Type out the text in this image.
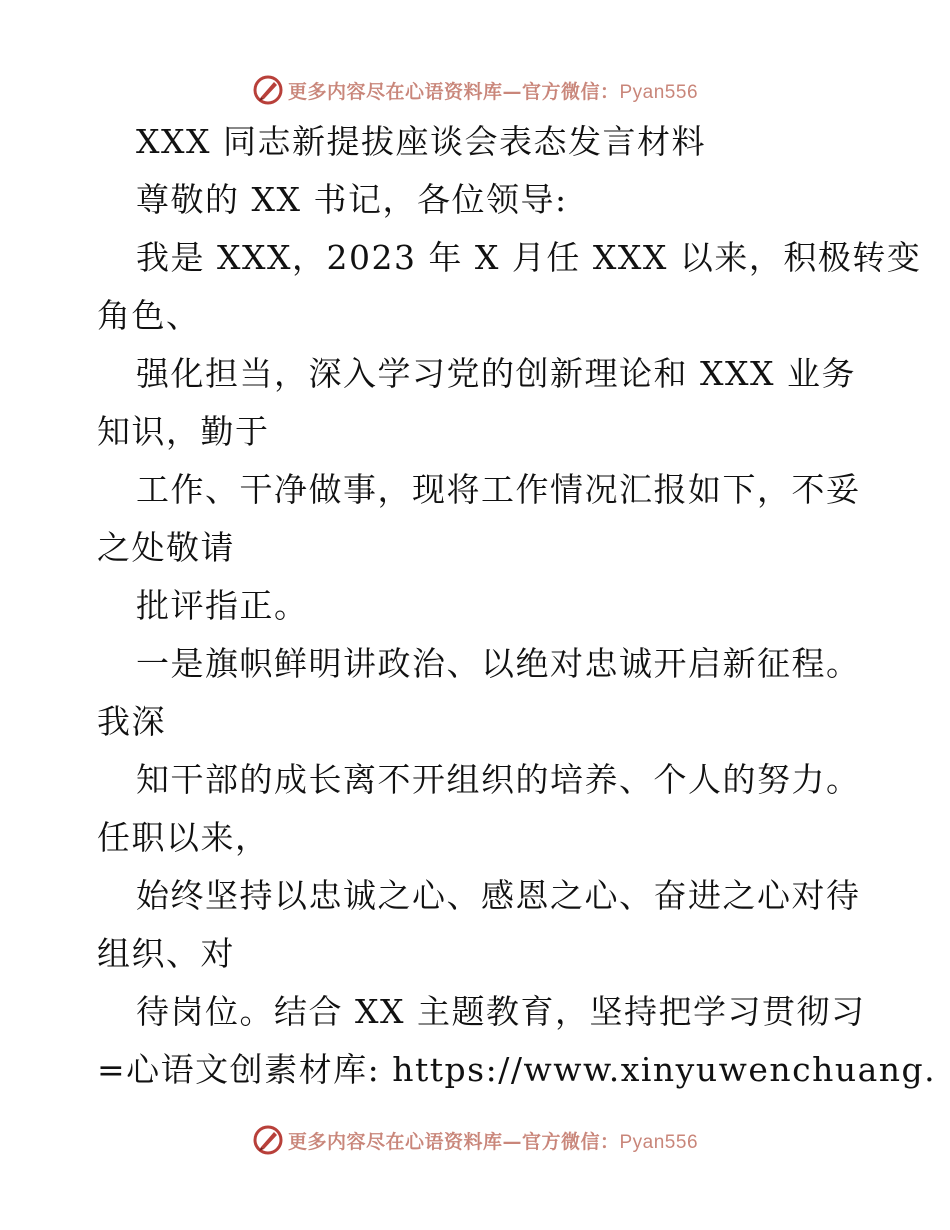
更多内容尽在心语资料库—官方微信：Pyan556
XXX 同志新提拔座谈会表态发言材料
尊敬的 XX 书记，各位领导:
我是 XXX，2023 年 X 月任 XXX 以来，积极转变
角色、
强化担当，深入学习党的创新理论和 XXX 业务
知识，勤于
工作、干净做事，现将工作情况汇报如下，不妥
之处敬请
批评指正。
一是旗帜鲜明讲政治、以绝对忠诚开启新征程。
我深
知干部的成长离不开组织的培养、个人的努力。
任职以来，
始终坚持以忠诚之心、感恩之心、奋进之心对待
组织、对
待岗位。结合 XX 主题教育，坚持把学习贯彻习
=心语文创素材库: https://www.xinyuwenchuang.
更多内容尽在心语资料库—官方微信：Pyan556
